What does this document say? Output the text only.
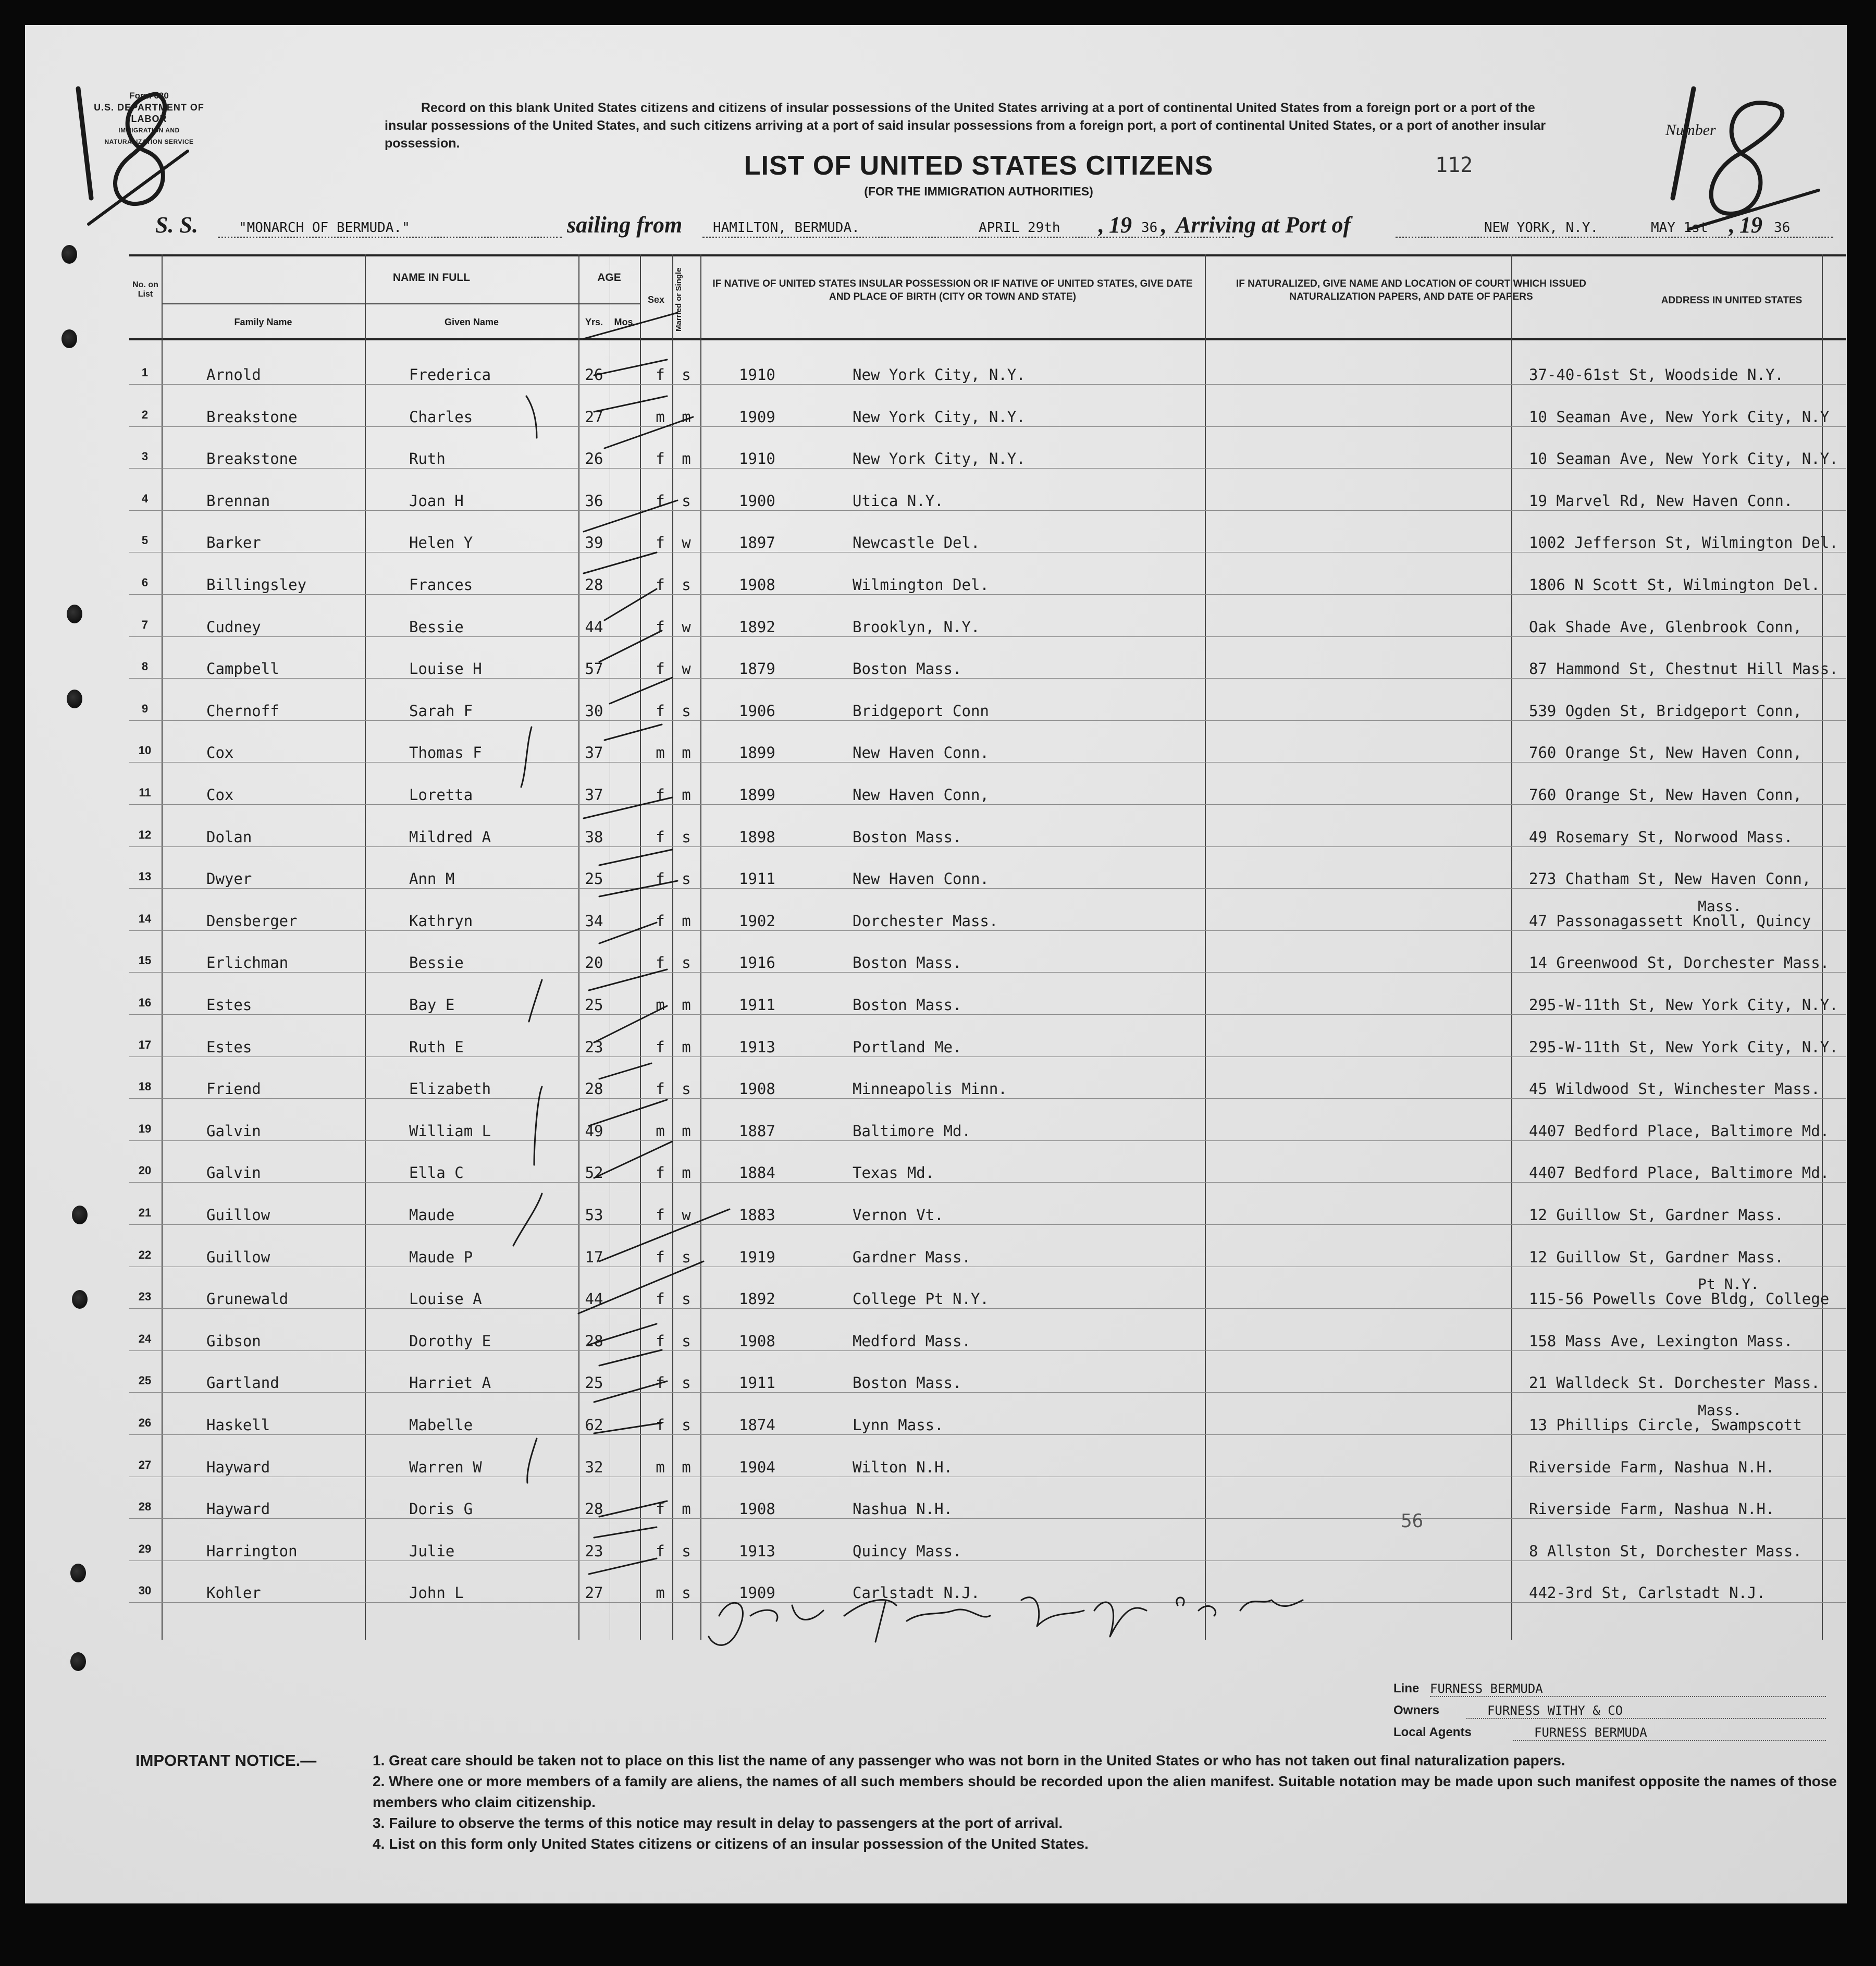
Form 630
U.S. DEPARTMENT OF LABOR
IMMIGRATION AND NATURALIZATION SERVICE
Record on this blank United States citizens and citizens of insular possessions of the United States arriving at a port of continental United States from a foreign port or a port of the insular possessions of the United States, and such citizens arriving at a port of said insular possessions from a foreign port, a port of continental United States, or a port of another insular possession.
LIST OF UNITED STATES CITIZENS
(FOR THE IMMIGRATION AUTHORITIES)
112
Number
S. S.	"MONARCH OF BERMUDA."	sailing from HAMILTON, BERMUDA.	APRIL 29th , 19 36 , Arriving at Port of	NEW YORK, N.Y.	MAY 1st , 19 36
No. on List
NAME IN FULL
Family Name	Given Name
AGE
Yrs.	Mos.
Sex	Married or Single	IF NATIVE OF UNITED STATES INSULAR POSSESSION OR IF NATIVE OF UNITED STATES, GIVE DATE AND PLACE OF BIRTH (CITY OR TOWN AND STATE)
IF NATURALIZED, GIVE NAME AND LOCATION OF COURT WHICH ISSUED NATURALIZATION PAPERS, AND DATE OF PAPERS	ADDRESS IN UNITED STATES
1	Arnold	Frederica	26	f	s	1910	New York City, N.Y.	37-40-61st St, Woodside N.Y.
2	Breakstone	Charles	27	m	m	1909	New York City, N.Y.	10 Seaman Ave, New York City, N.Y
3	Breakstone	Ruth	26	f	m	1910	New York City, N.Y.	10 Seaman Ave, New York City, N.Y.
4	Brennan	Joan H	36	f	s	1900	Utica N.Y.	19 Marvel Rd, New Haven Conn.
5	Barker	Helen Y	39	f	w	1897	Newcastle Del.	1002 Jefferson St, Wilmington Del.
6	Billingsley	Frances	28	f	s	1908	Wilmington Del.	1806 N Scott St, Wilmington Del.
7	Cudney	Bessie	44	f	w	1892	Brooklyn, N.Y.	Oak Shade Ave, Glenbrook Conn,
8	Campbell	Louise H	57	f	w	1879	Boston Mass.	87 Hammond St, Chestnut Hill Mass.
9	Chernoff	Sarah F	30	f	s	1906	Bridgeport Conn	539 Ogden St, Bridgeport Conn,
10	Cox	Thomas F	37	m	m	1899	New Haven Conn.	760 Orange St, New Haven Conn,
11	Cox	Loretta	37	f	m	1899	New Haven Conn,	760 Orange St, New Haven Conn,
12	Dolan	Mildred A	38	f	s	1898	Boston Mass.	49 Rosemary St, Norwood Mass.
13	Dwyer	Ann M	25	f	s	1911	New Haven Conn.	273 Chatham St, New Haven Conn,
14	Densberger	Kathryn	34	f	m	1902	Dorchester Mass.	47 Passonagassett Knoll, Quincy
Mass.
15	Erlichman	Bessie	20	f	s	1916	Boston Mass.	14 Greenwood St, Dorchester Mass.
16	Estes	Bay E	25	m	m	1911	Boston Mass.	295-W-11th St, New York City, N.Y.
17	Estes	Ruth E	23	f	m	1913	Portland Me.	295-W-11th St, New York City, N.Y.
18	Friend	Elizabeth	28	f	s	1908	Minneapolis Minn.	45 Wildwood St, Winchester Mass.
19	Galvin	William L	49	m	m	1887	Baltimore Md.	4407 Bedford Place, Baltimore Md.
20	Galvin	Ella C	52	f	m	1884	Texas Md.	4407 Bedford Place, Baltimore Md.
21	Guillow	Maude	53	f	w	1883	Vernon Vt.	12 Guillow St, Gardner Mass.
22	Guillow	Maude P	17	f	s	1919	Gardner Mass.	12 Guillow St, Gardner Mass.
23	Grunewald	Louise A	44	f	s	1892	College Pt N.Y.	115-56 Powells Cove Bldg, College
Pt N.Y.
24	Gibson	Dorothy E	28	f	s	1908	Medford Mass.	158 Mass Ave, Lexington Mass.
25	Gartland	Harriet A	25	f	s	1911	Boston Mass.	21 Walldeck St. Dorchester Mass.
26	Haskell	Mabelle	62	f	s	1874	Lynn Mass.	13 Phillips Circle, Swampscott
Mass.
27	Hayward	Warren W	32	m	m	1904	Wilton N.H.	Riverside Farm, Nashua N.H.
28	Hayward	Doris G	28	f	m	1908	Nashua N.H.	Riverside Farm, Nashua N.H.
29	Harrington	Julie	23	f	s	1913	Quincy Mass.	8 Allston St, Dorchester Mass.
30	Kohler	John L	27	m	s	1909	Carlstadt N.J.	442-3rd St, Carlstadt N.J.
56
Line FURNESS BERMUDA
Owners	FURNESS WITHY & CO
Local Agents	FURNESS BERMUDA
IMPORTANT NOTICE.—	1. Great care should be taken not to place on this list the name of any passenger who was not born in the United States or who has not taken out final naturalization papers.
2. Where one or more members of a family are aliens, the names of all such members should be recorded upon the alien manifest. Suitable notation may be made upon such manifest opposite the names of those members who claim citizenship.
3. Failure to observe the terms of this notice may result in delay to passengers at the port of arrival.
4. List on this form only United States citizens or citizens of an insular possession of the United States.
